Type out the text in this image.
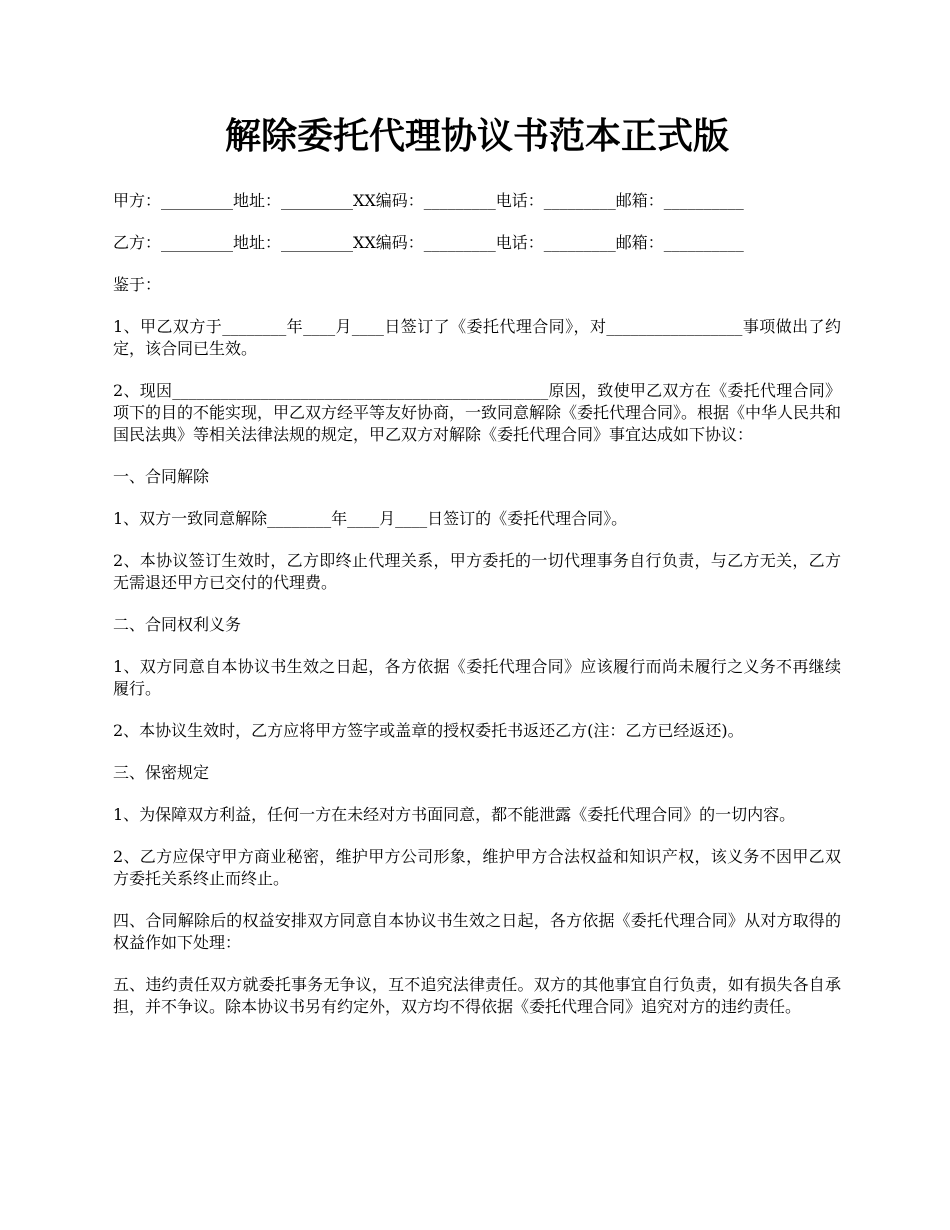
解除委托代理协议书范本正式版

甲方：_________地址：_________XX编码：_________电话：_________邮箱：__________

乙方：_________地址：_________XX编码：_________电话：_________邮箱：__________

鉴于：

1、甲乙双方于________年____月____日签订了《委托代理合同》，对_________________事项做出了约定，该合同已生效。

2、现因_______________________________________________原因，致使甲乙双方在《委托代理合同》项下的目的不能实现，甲乙双方经平等友好协商，一致同意解除《委托代理合同》。根据《中华人民共和国民法典》等相关法律法规的规定，甲乙双方对解除《委托代理合同》事宜达成如下协议：

一、合同解除

1、双方一致同意解除________年____月____日签订的《委托代理合同》。

2、本协议签订生效时，乙方即终止代理关系，甲方委托的一切代理事务自行负责，与乙方无关，乙方无需退还甲方已交付的代理费。

二、合同权利义务

1、双方同意自本协议书生效之日起，各方依据《委托代理合同》应该履行而尚未履行之义务不再继续履行。

2、本协议生效时，乙方应将甲方签字或盖章的授权委托书返还乙方(注：乙方已经返还)。

三、保密规定

1、为保障双方利益，任何一方在未经对方书面同意，都不能泄露《委托代理合同》的一切内容。

2、乙方应保守甲方商业秘密，维护甲方公司形象，维护甲方合法权益和知识产权，该义务不因甲乙双方委托关系终止而终止。

四、合同解除后的权益安排双方同意自本协议书生效之日起，各方依据《委托代理合同》从对方取得的权益作如下处理：

五、违约责任双方就委托事务无争议，互不追究法律责任。双方的其他事宜自行负责，如有损失各自承担，并不争议。除本协议书另有约定外，双方均不得依据《委托代理合同》追究对方的违约责任。
